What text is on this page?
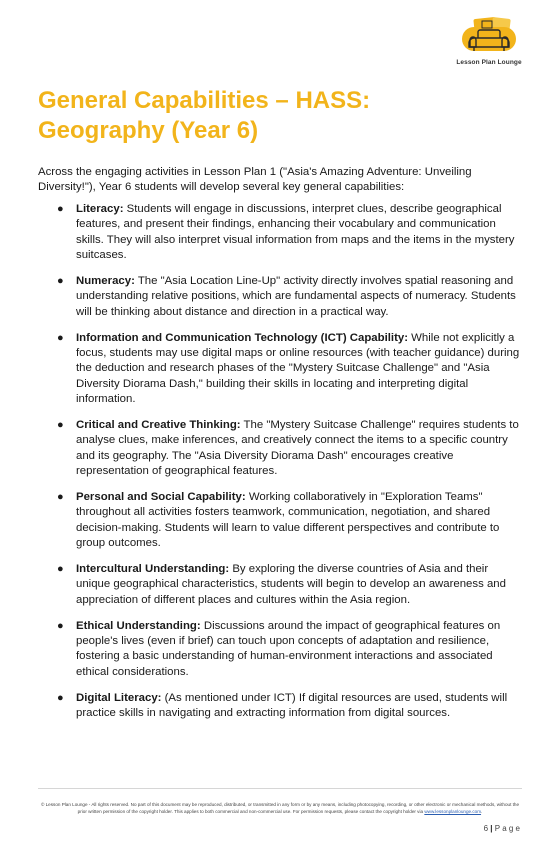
Lesson Plan Lounge
General Capabilities – HASS:
Geography (Year 6)

Across the engaging activities in Lesson Plan 1 ("Asia's Amazing Adventure: Unveiling Diversity!"), Year 6 students will develop several key general capabilities:

● Literacy: Students will engage in discussions, interpret clues, describe geographical features, and present their findings, enhancing their vocabulary and communication skills. They will also interpret visual information from maps and the items in the mystery suitcases.
● Numeracy: The "Asia Location Line-Up" activity directly involves spatial reasoning and understanding relative positions, which are fundamental aspects of numeracy. Students will be thinking about distance and direction in a practical way.
● Information and Communication Technology (ICT) Capability: While not explicitly a focus, students may use digital maps or online resources (with teacher guidance) during the deduction and research phases of the "Mystery Suitcase Challenge" and "Asia Diversity Diorama Dash," building their skills in locating and interpreting digital information.
● Critical and Creative Thinking: The "Mystery Suitcase Challenge" requires students to analyse clues, make inferences, and creatively connect the items to a specific country and its geography. The "Asia Diversity Diorama Dash" encourages creative representation of geographical features.
● Personal and Social Capability: Working collaboratively in "Exploration Teams" throughout all activities fosters teamwork, communication, negotiation, and shared decision-making. Students will learn to value different perspectives and contribute to group outcomes.
● Intercultural Understanding: By exploring the diverse countries of Asia and their unique geographical characteristics, students will begin to develop an awareness and appreciation of different places and cultures within the Asia region.
● Ethical Understanding: Discussions around the impact of geographical features on people's lives (even if brief) can touch upon concepts of adaptation and resilience, fostering a basic understanding of human-environment interactions and associated ethical considerations.
● Digital Literacy: (As mentioned under ICT) If digital resources are used, students will practice skills in navigating and extracting information from digital sources.
© Lesson Plan Lounge - All rights reserved. No part of this document may be reproduced, distributed, or transmitted in any form or by any means, including photocopying, recording, or other electronic or mechanical methods, without the prior written permission of the copyright holder. This applies to both commercial and non-commercial use. For permission requests, please contact the copyright holder via www.lessonplanlounge.com.
6 | P a g e
